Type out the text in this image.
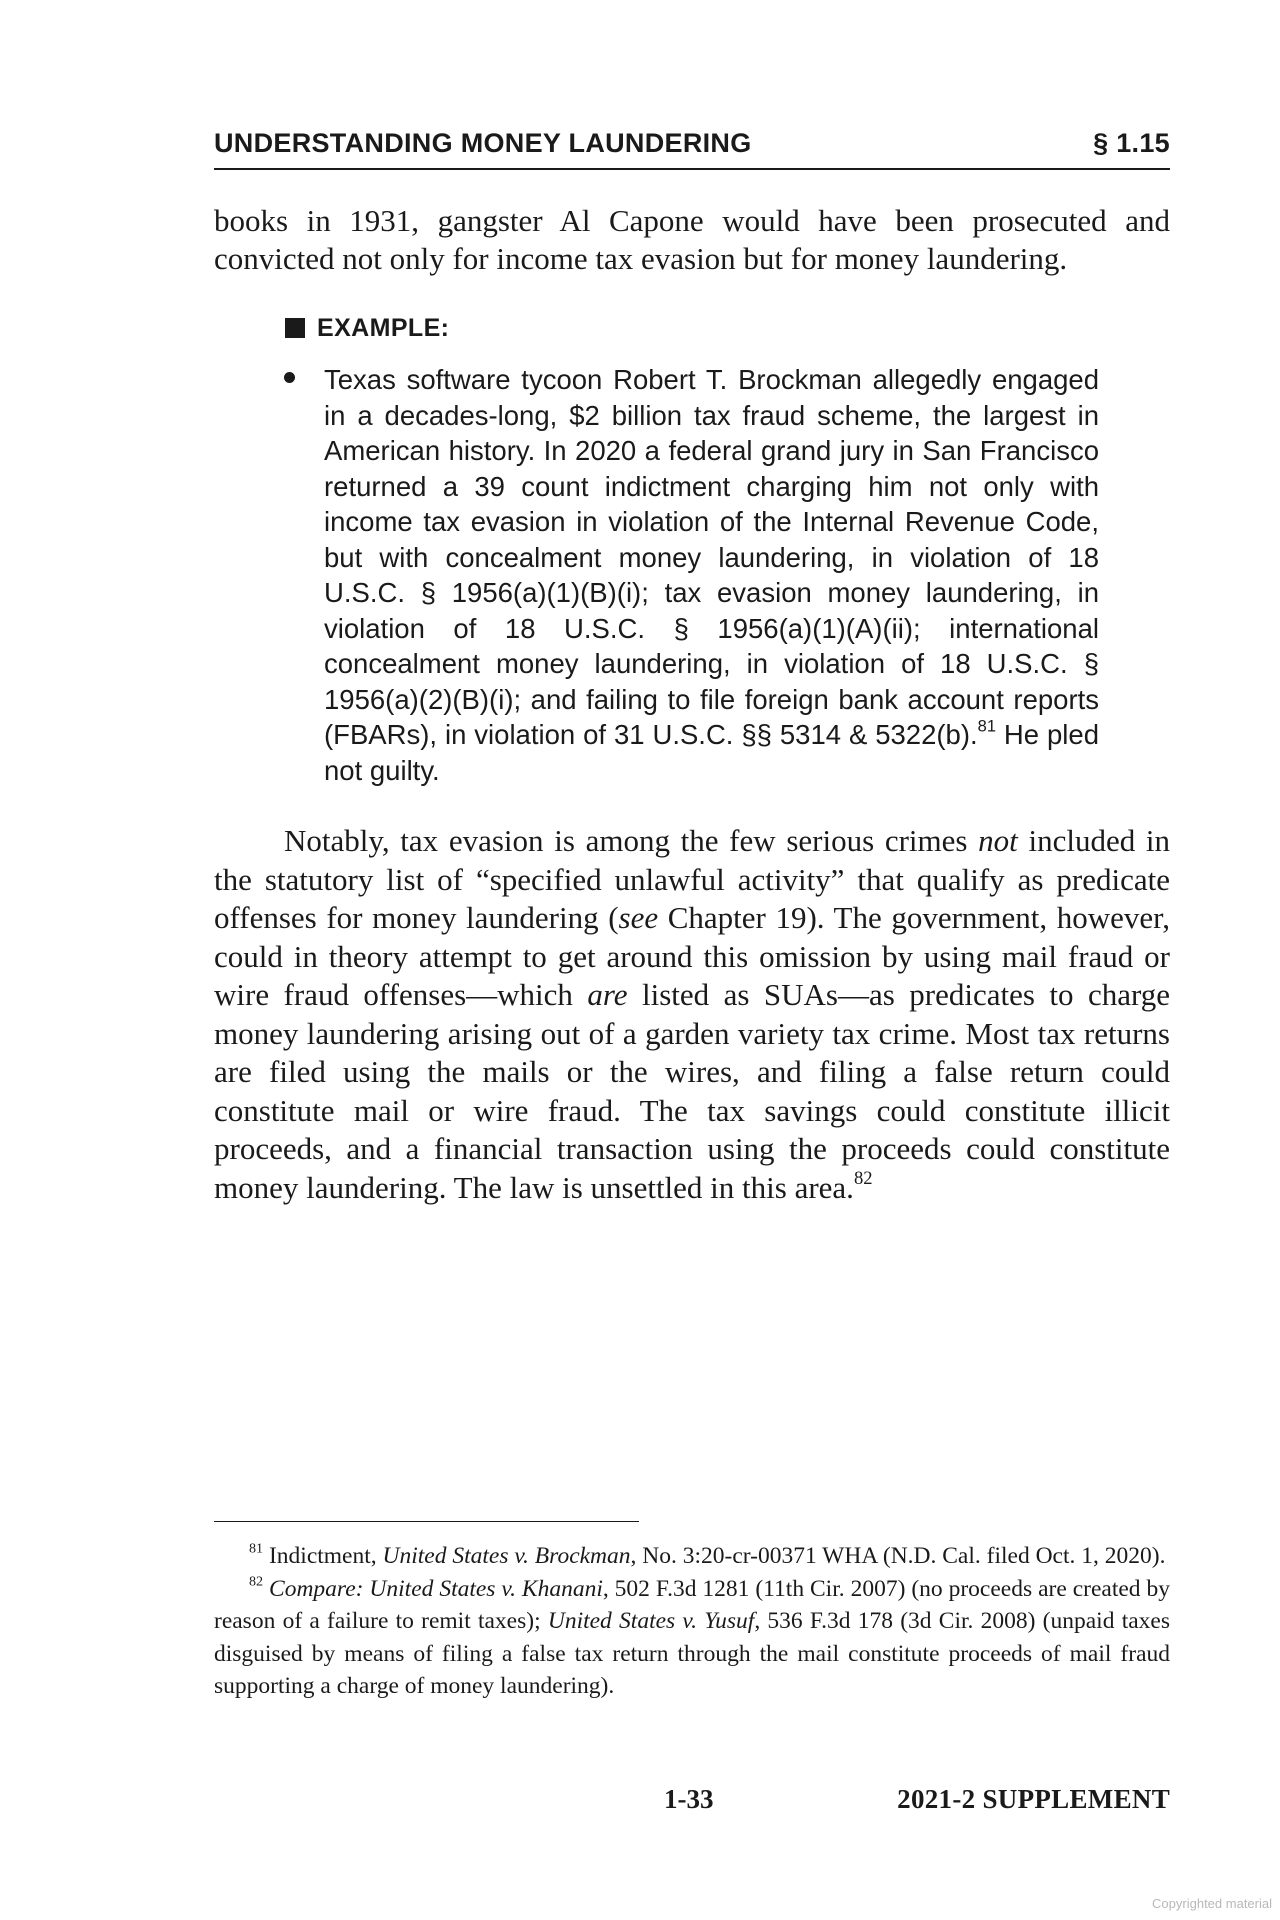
UNDERSTANDING MONEY LAUNDERING	§ 1.15
books in 1931, gangster Al Capone would have been prosecuted and convicted not only for income tax evasion but for money laundering.
EXAMPLE:
Texas software tycoon Robert T. Brockman allegedly engaged in a decades-long, $2 billion tax fraud scheme, the largest in American history. In 2020 a federal grand jury in San Francisco returned a 39 count indictment charging him not only with income tax evasion in violation of the Internal Revenue Code, but with concealment money laundering, in violation of 18 U.S.C. § 1956(a)(1)(B)(i); tax evasion money laundering, in violation of 18 U.S.C. § 1956(a)(1)(A)(ii); international concealment money laundering, in violation of 18 U.S.C. § 1956(a)(2)(B)(i); and failing to file foreign bank account reports (FBARs), in violation of 31 U.S.C. §§ 5314 & 5322(b).$^{81}$ He pled not guilty.
Notably, tax evasion is among the few serious crimes not included in the statutory list of “specified unlawful activity” that qualify as predicate offenses for money laundering (see Chapter 19). The government, however, could in theory attempt to get around this omission by using mail fraud or wire fraud offenses—which are listed as SUAs—as predicates to charge money laundering arising out of a garden variety tax crime. Most tax returns are filed using the mails or the wires, and filing a false return could constitute mail or wire fraud. The tax savings could constitute illicit proceeds, and a financial transaction using the proceeds could constitute money laundering. The law is unsettled in this area.$^{82}$

$^{81}$ Indictment, United States v. Brockman, No. 3:20-cr-00371 WHA (N.D. Cal. filed Oct. 1, 2020).

$^{82}$ Compare: United States v. Khanani, 502 F.3d 1281 (11th Cir. 2007) (no proceeds are created by reason of a failure to remit taxes); United States v. Yusuf, 536 F.3d 178 (3d Cir. 2008) (unpaid taxes disguised by means of filing a false tax return through the mail constitute proceeds of mail fraud supporting a charge of money laundering).

1-33	2021-2 SUPPLEMENT
Copyrighted material
